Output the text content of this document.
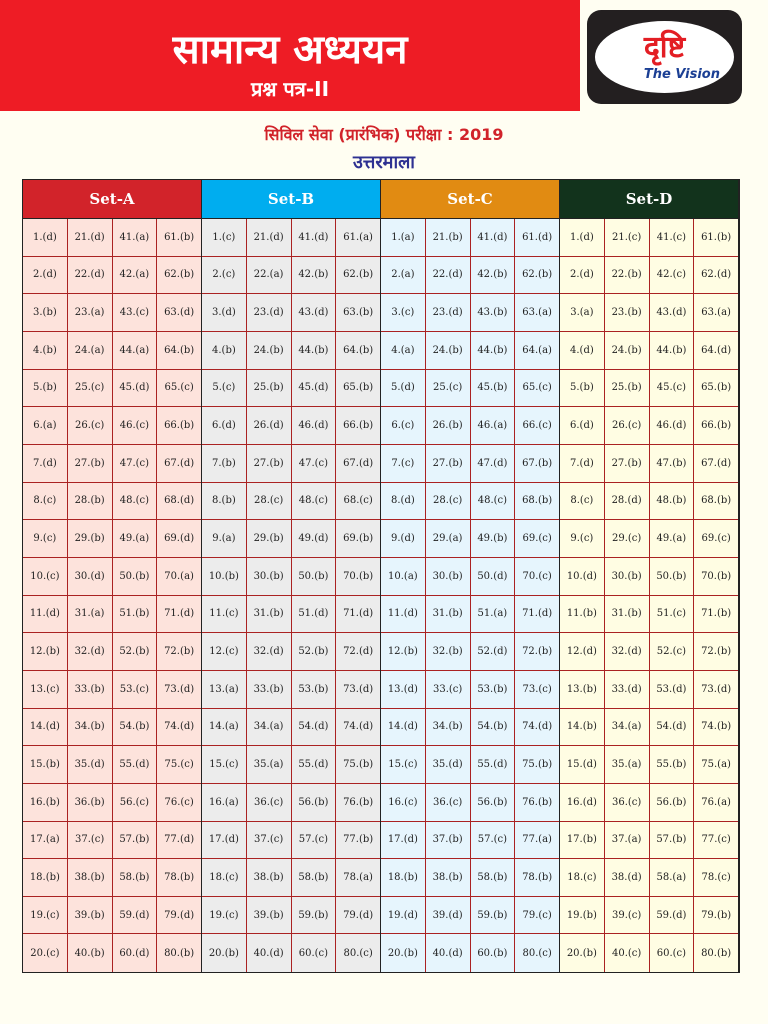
सामान्य अध्ययन
प्रश्न पत्र-II
दृष्टि
The Vision
सिविल सेवा (प्रारंभिक) परीक्षा : 2019
उत्तरमाला
Set-A
1.(d)	21.(d)	41.(a)	61.(b)
2.(d)	22.(d)	42.(a)	62.(b)
3.(b)	23.(a)	43.(c)	63.(d)
4.(b)	24.(a)	44.(a)	64.(b)
5.(b)	25.(c)	45.(d)	65.(c)
6.(a)	26.(c)	46.(c)	66.(b)
7.(d)	27.(b)	47.(c)	67.(d)
8.(c)	28.(b)	48.(c)	68.(d)
9.(c)	29.(b)	49.(a)	69.(d)
10.(c)	30.(d)	50.(b)	70.(a)
11.(d)	31.(a)	51.(b)	71.(d)
12.(b)	32.(d)	52.(b)	72.(b)
13.(c)	33.(b)	53.(c)	73.(d)
14.(d)	34.(b)	54.(b)	74.(d)
15.(b)	35.(d)	55.(d)	75.(c)
16.(b)	36.(b)	56.(c)	76.(c)
17.(a)	37.(c)	57.(b)	77.(d)
18.(b)	38.(b)	58.(b)	78.(b)
19.(c)	39.(b)	59.(d)	79.(d)
20.(c)	40.(b)	60.(d)	80.(b)
Set-B
1.(c)	21.(d)	41.(d)	61.(a)
2.(c)	22.(a)	42.(b)	62.(b)
3.(d)	23.(d)	43.(d)	63.(b)
4.(b)	24.(b)	44.(b)	64.(b)
5.(c)	25.(b)	45.(d)	65.(b)
6.(d)	26.(d)	46.(d)	66.(b)
7.(b)	27.(b)	47.(c)	67.(d)
8.(b)	28.(c)	48.(c)	68.(c)
9.(a)	29.(b)	49.(d)	69.(b)
10.(b)	30.(b)	50.(b)	70.(b)
11.(c)	31.(b)	51.(d)	71.(d)
12.(c)	32.(d)	52.(b)	72.(d)
13.(a)	33.(b)	53.(b)	73.(d)
14.(a)	34.(a)	54.(d)	74.(d)
15.(c)	35.(a)	55.(d)	75.(b)
16.(a)	36.(c)	56.(b)	76.(b)
17.(d)	37.(c)	57.(c)	77.(b)
18.(c)	38.(b)	58.(b)	78.(a)
19.(c)	39.(b)	59.(b)	79.(d)
20.(b)	40.(d)	60.(c)	80.(c)
Set-C
1.(a)	21.(b)	41.(d)	61.(d)
2.(a)	22.(d)	42.(b)	62.(b)
3.(c)	23.(d)	43.(b)	63.(a)
4.(a)	24.(b)	44.(b)	64.(a)
5.(d)	25.(c)	45.(b)	65.(c)
6.(c)	26.(b)	46.(a)	66.(c)
7.(c)	27.(b)	47.(d)	67.(b)
8.(d)	28.(c)	48.(c)	68.(b)
9.(d)	29.(a)	49.(b)	69.(c)
10.(a)	30.(b)	50.(d)	70.(c)
11.(d)	31.(b)	51.(a)	71.(d)
12.(b)	32.(b)	52.(d)	72.(b)
13.(d)	33.(c)	53.(b)	73.(c)
14.(d)	34.(b)	54.(b)	74.(d)
15.(c)	35.(d)	55.(d)	75.(b)
16.(c)	36.(c)	56.(b)	76.(b)
17.(d)	37.(b)	57.(c)	77.(a)
18.(b)	38.(b)	58.(b)	78.(b)
19.(d)	39.(d)	59.(b)	79.(c)
20.(b)	40.(d)	60.(b)	80.(c)
Set-D
1.(d)	21.(c)	41.(c)	61.(b)
2.(d)	22.(b)	42.(c)	62.(d)
3.(a)	23.(b)	43.(d)	63.(a)
4.(d)	24.(b)	44.(b)	64.(d)
5.(b)	25.(b)	45.(c)	65.(b)
6.(d)	26.(c)	46.(d)	66.(b)
7.(d)	27.(b)	47.(b)	67.(d)
8.(c)	28.(d)	48.(b)	68.(b)
9.(c)	29.(c)	49.(a)	69.(c)
10.(d)	30.(b)	50.(b)	70.(b)
11.(b)	31.(b)	51.(c)	71.(b)
12.(d)	32.(d)	52.(c)	72.(b)
13.(b)	33.(d)	53.(d)	73.(d)
14.(b)	34.(a)	54.(d)	74.(b)
15.(d)	35.(a)	55.(b)	75.(a)
16.(d)	36.(c)	56.(b)	76.(a)
17.(b)	37.(a)	57.(b)	77.(c)
18.(c)	38.(d)	58.(a)	78.(c)
19.(b)	39.(c)	59.(d)	79.(b)
20.(b)	40.(c)	60.(c)	80.(b)
